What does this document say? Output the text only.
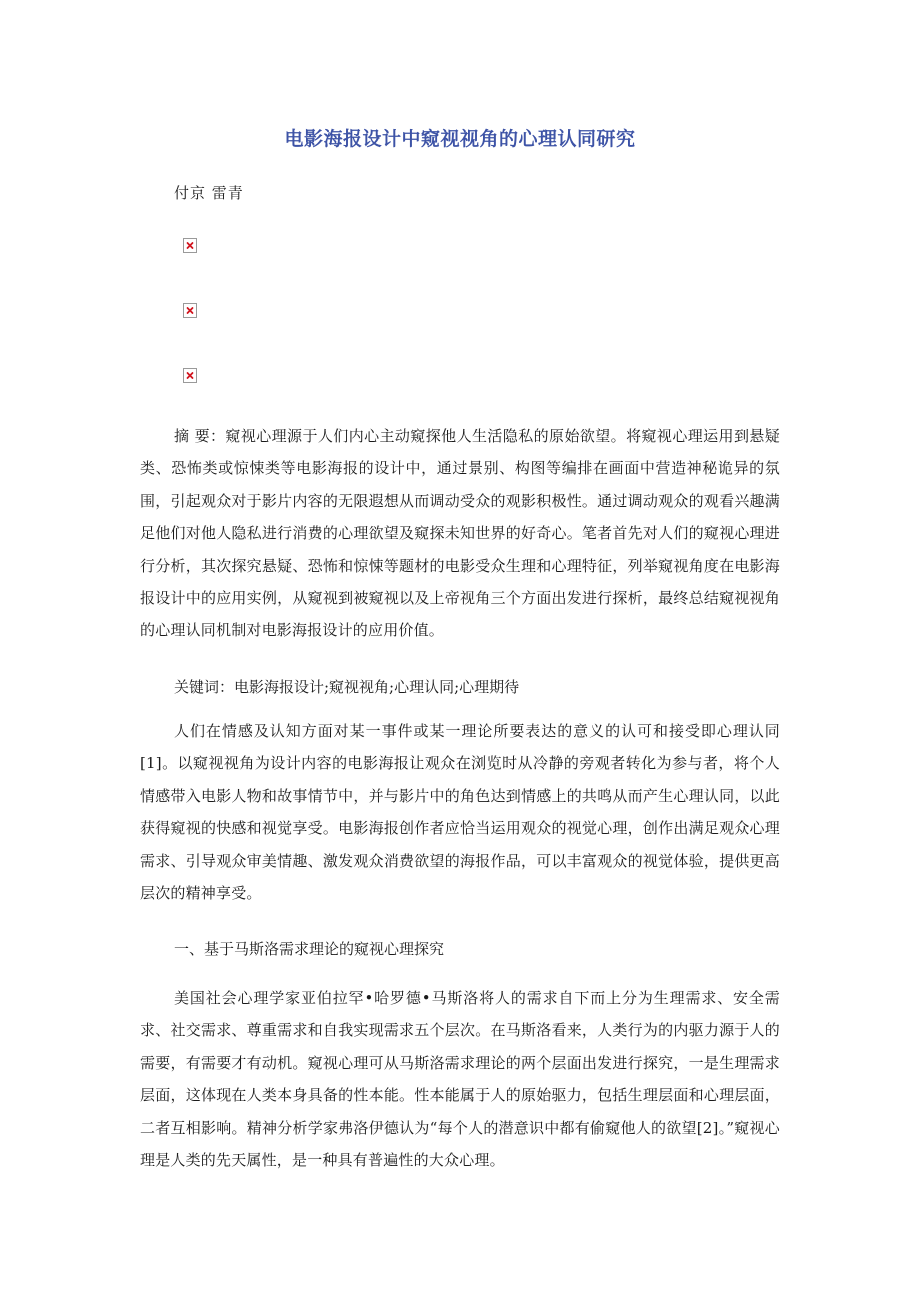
电影海报设计中窥视视角的心理认同研究
付京 雷青

摘 要：窥视心理源于人们内心主动窥探他人生活隐私的原始欲望。将窥视心理运用到悬疑类、恐怖类或惊悚类等电影海报的设计中，通过景别、构图等编排在画面中营造神秘诡异的氛围，引起观众对于影片内容的无限遐想从而调动受众的观影积极性。通过调动观众的观看兴趣满足他们对他人隐私进行消费的心理欲望及窥探未知世界的好奇心。笔者首先对人们的窥视心理进行分析，其次探究悬疑、恐怖和惊悚等题材的电影受众生理和心理特征，列举窥视角度在电影海报设计中的应用实例，从窥视到被窥视以及上帝视角三个方面出发进行探析，最终总结窥视视角的心理认同机制对电影海报设计的应用价值。

关键词：电影海报设计;窥视视角;心理认同;心理期待

人们在情感及认知方面对某一事件或某一理论所要表达的意义的认可和接受即心理认同[1]。以窥视视角为设计内容的电影海报让观众在浏览时从冷静的旁观者转化为参与者，将个人情感带入电影人物和故事情节中，并与影片中的角色达到情感上的共鸣从而产生心理认同，以此获得窥视的快感和视觉享受。电影海报创作者应恰当运用观众的视觉心理，创作出满足观众心理需求、引导观众审美情趣、激发观众消费欲望的海报作品，可以丰富观众的视觉体验，提供更高层次的精神享受。

一、基于马斯洛需求理论的窥视心理探究

美国社会心理学家亚伯拉罕•哈罗德•马斯洛将人的需求自下而上分为生理需求、安全需求、社交需求、尊重需求和自我实现需求五个层次。在马斯洛看来，人类行为的内驱力源于人的需要，有需要才有动机。窥视心理可从马斯洛需求理论的两个层面出发进行探究，一是生理需求层面，这体现在人类本身具备的性本能。性本能属于人的原始驱力，包括生理层面和心理层面，二者互相影响。精神分析学家弗洛伊德认为“每个人的潜意识中都有偷窥他人的欲望[2]。”窥视心理是人类的先天属性，是一种具有普遍性的大众心理。
